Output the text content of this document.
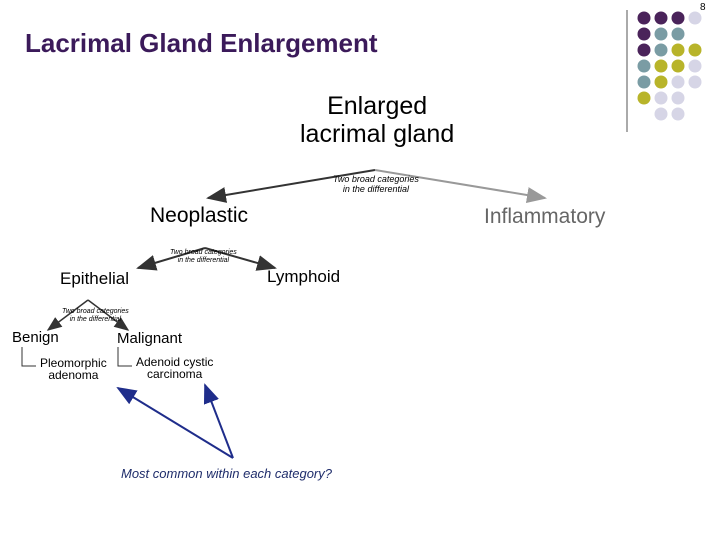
8
Lacrimal Gland Enlargement
Enlarged
lacrimal gland
Two broad categories
in the differential
Neoplastic	Inflammatory
Two broad categories
in the differential
Epithelial	Lymphoid
Two broad categories
in the differential
Benign	Malignant
Pleomorphic
adenoma
Adenoid cystic
carcinoma
Most common within each category?
